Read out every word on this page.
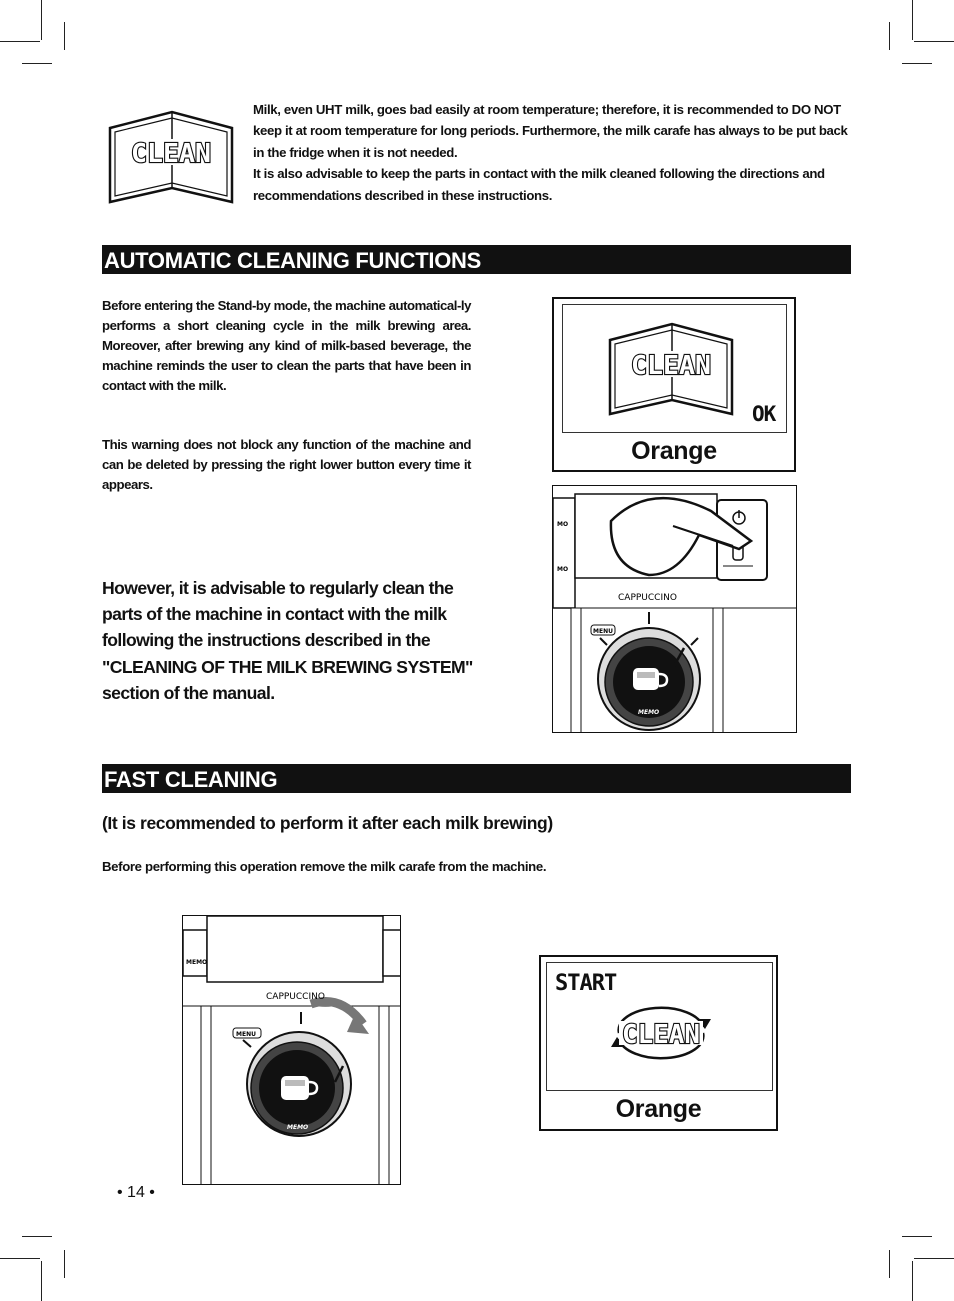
CLEAN

Milk, even UHT milk, goes bad easily at room temperature; therefore, it is recommended to DO NOT keep it at room temperature for long periods. Furthermore, the milk carafe has always to be put back in the fridge when it is not needed.

It is also advisable to keep the parts in contact with the milk cleaned following the directions and recommendations described in these instructions.

AUTOMATIC CLEANING FUNCTIONS

Before entering the Stand-by mode, the machine automatical-ly performs a short cleaning cycle in the milk brewing area. Moreover, after brewing any kind of milk-based beverage, the machine reminds the user to clean the parts that have been in contact with the milk.

This warning does not block any function of the machine and can be deleted by pressing the right lower button every time it appears.

However, it is advisable to regularly clean the parts of the machine in contact with the milk following the instructions described in the "CLEANING OF THE MILK BREWING SYSTEM" section of the manual.
CLEAN
OK
Orange
MO
MO
CAPPUCCINO
MENU
MEMO
FAST CLEANING
(It is recommended to perform it after each milk brewing)
Before performing this operation remove the milk carafe from the machine.
MEMO
CAPPUCCINO
MENU
MEMO
START
CLEAN
Orange
• 14 •
